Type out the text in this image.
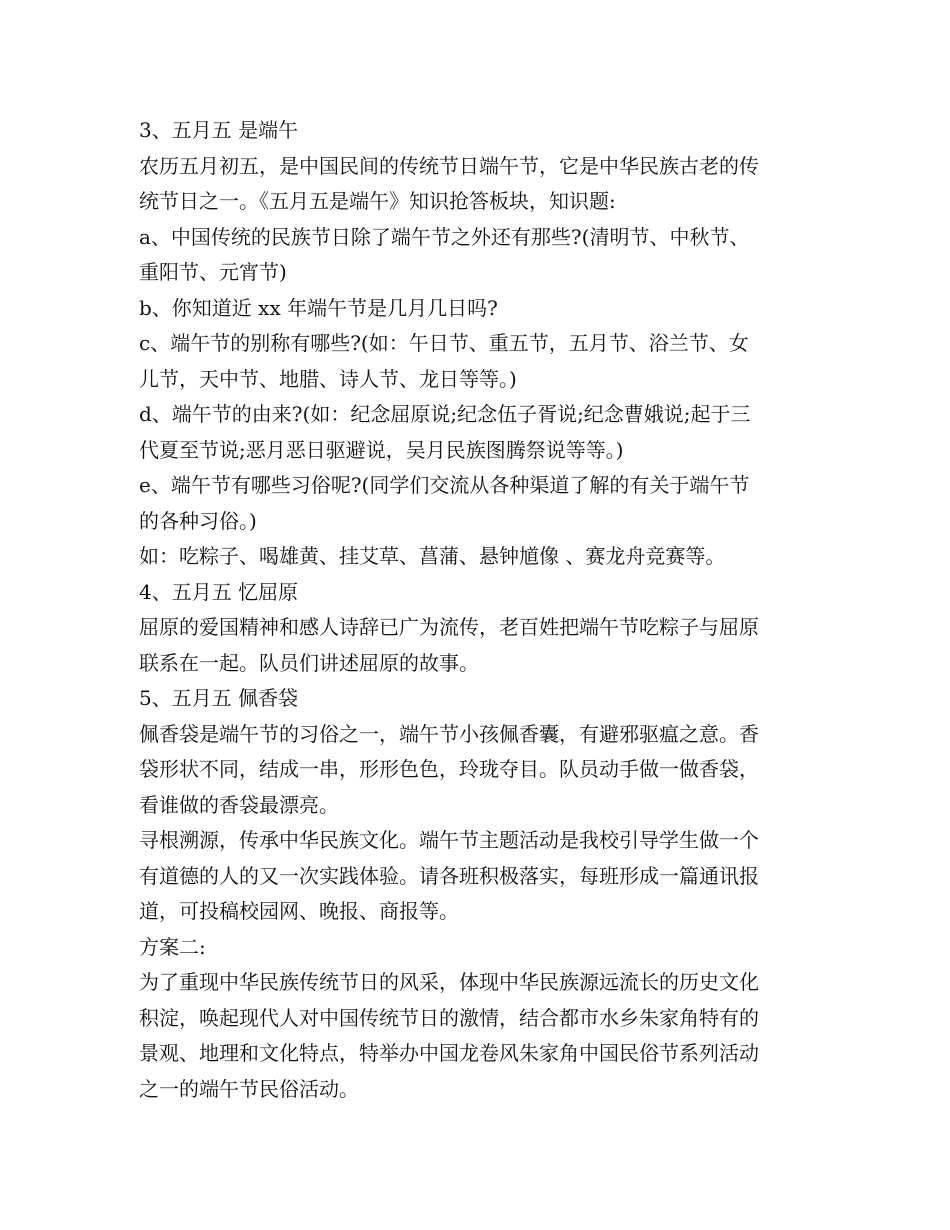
3、五月五 是端午

农历五月初五，是中国民间的传统节日端午节，它是中华民族古老的传

统节日之一。《五月五是端午》知识抢答板块，知识题:

a、中国传统的民族节日除了端午节之外还有那些?(清明节、中秋节、

重阳节、元宵节)

b、你知道近 xx 年端午节是几月几日吗?

c、端午节的别称有哪些?(如：午日节、重五节，五月节、浴兰节、女

儿节，天中节、地腊、诗人节、龙日等等。)

d、端午节的由来?(如：纪念屈原说;纪念伍子胥说;纪念曹娥说;起于三

代夏至节说;恶月恶日驱避说，吴月民族图腾祭说等等。)

e、端午节有哪些习俗呢?(同学们交流从各种渠道了解的有关于端午节

的各种习俗。)

如：吃粽子、喝雄黄、挂艾草、菖蒲、悬钟馗像 、赛龙舟竞赛等。

4、五月五 忆屈原

屈原的爱国精神和感人诗辞已广为流传，老百姓把端午节吃粽子与屈原

联系在一起。队员们讲述屈原的故事。

5、五月五 佩香袋

佩香袋是端午节的习俗之一，端午节小孩佩香囊，有避邪驱瘟之意。香

袋形状不同，结成一串，形形色色，玲珑夺目。队员动手做一做香袋，

看谁做的香袋最漂亮。

寻根溯源，传承中华民族文化。端午节主题活动是我校引导学生做一个

有道德的人的又一次实践体验。请各班积极落实，每班形成一篇通讯报

道，可投稿校园网、晚报、商报等。

方案二:

为了重现中华民族传统节日的风采，体现中华民族源远流长的历史文化

积淀，唤起现代人对中国传统节日的激情，结合都市水乡朱家角特有的

景观、地理和文化特点，特举办中国龙卷风朱家角中国民俗节系列活动

之一的端午节民俗活动。
